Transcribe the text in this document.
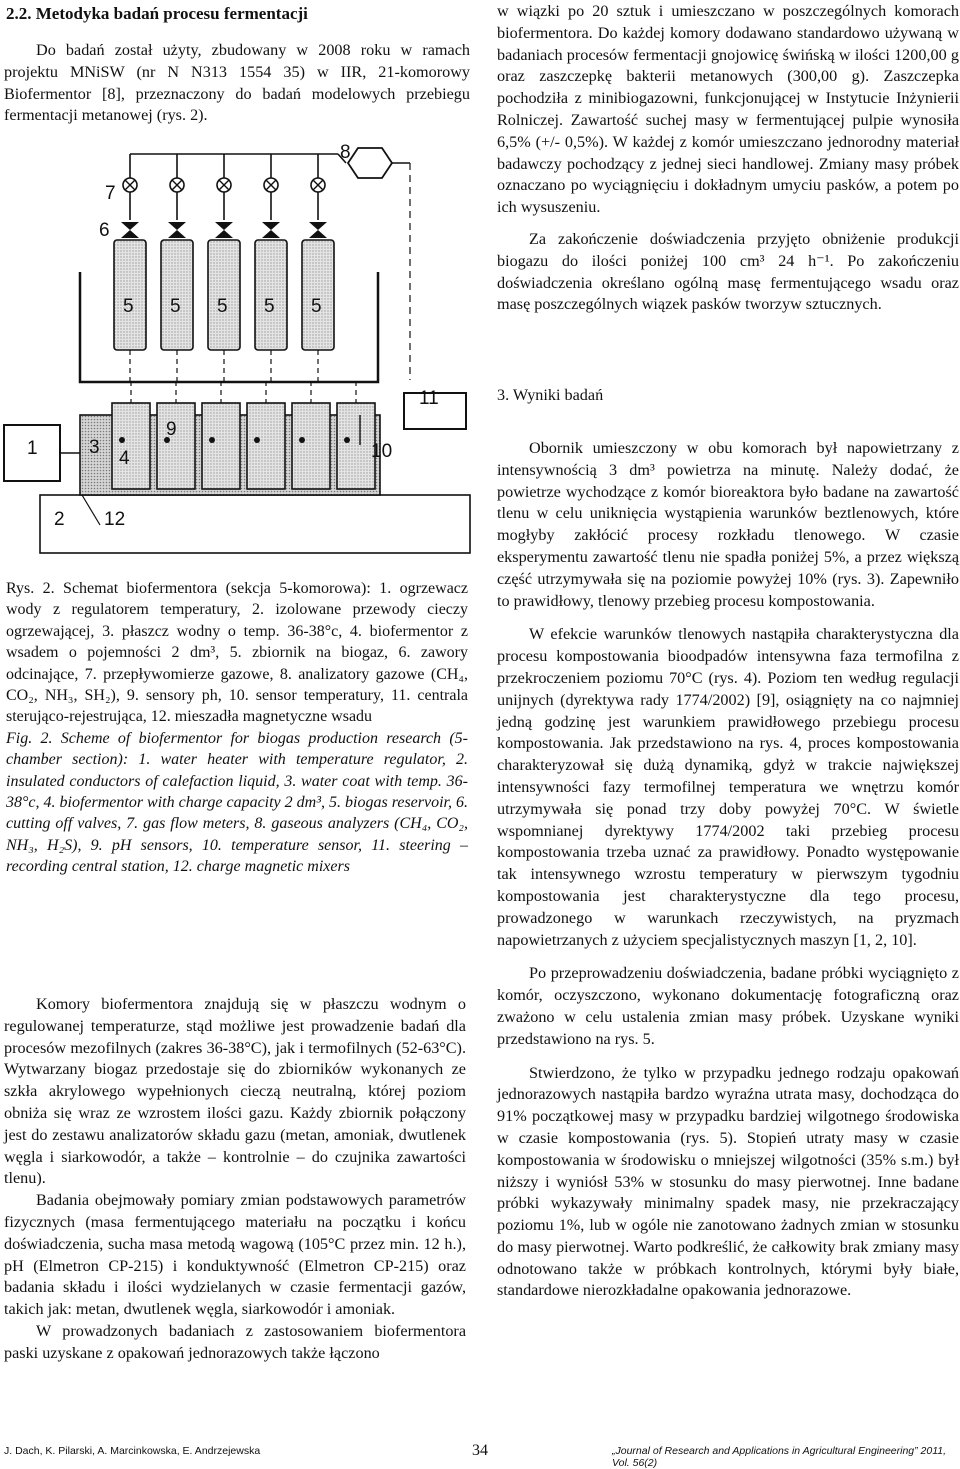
2.2. Metodyka badań procesu fermentacji

Do badań został użyty, zbudowany w 2008 roku w ramach projektu MNiSW (nr N N313 1554 35) w IIR, 21-komorowy Biofermentor [8], przeznaczony do badań modelowych przebiegu fermentacji metanowej (rys. 2).

7
6
8
5 5 5 5 5
11
1	3
4
9
10
2 12
Rys. 2. Schemat biofermentora (sekcja 5-komorowa): 1. ogrzewacz wody z regulatorem temperatury, 2. izolowane przewody cieczy ogrzewającej, 3. płaszcz wodny o temp. 36-38°c, 4. biofermentor z wsadem o pojemności 2 dm³, 5. zbiornik na biogaz, 6. zawory odcinające, 7. przepływomierze gazowe, 8. analizatory gazowe (CH₄, CO₂, NH₃, SH₂), 9. sensory ph, 10. sensor temperatury, 11. centrala sterująco-rejestrująca, 12. mieszadła magnetyczne wsadu
Fig. 2. Scheme of biofermentor for biogas production research (5-chamber section): 1. water heater with temperature regulator, 2. insulated conductors of calefaction liquid, 3. water coat with temp. 36-38°c, 4. biofermentor with charge capacity 2 dm³, 5. biogas reservoir, 6. cutting off valves, 7. gas flow meters, 8. gaseous analyzers (CH₄, CO₂, NH₃, H₂S), 9. pH sensors, 10. temperature sensor, 11. steering – recording central station, 12. charge magnetic mixers

Komory biofermentora znajdują się w płaszczu wodnym o regulowanej temperaturze, stąd możliwe jest prowadzenie badań dla procesów mezofilnych (zakres 36-38°C), jak i termofilnych (52-63°C). Wytwarzany biogaz przedostaje się do zbiorników wykonanych ze szkła akrylowego wypełnionych cieczą neutralną, której poziom obniża się wraz ze wzrostem ilości gazu. Każdy zbiornik połączony jest do zestawu analizatorów składu gazu (metan, amoniak, dwutlenek węgla i siarkowodór, a także – kontrolnie – do czujnika zawartości tlenu).

Badania obejmowały pomiary zmian podstawowych parametrów fizycznych (masa fermentującego materiału na początku i końcu doświadczenia, sucha masa metodą wagową (105°C przez min. 12 h.), pH (Elmetron CP-215) i konduktywność (Elmetron CP-215) oraz badania składu i ilości wydzielanych w czasie fermentacji gazów, takich jak: metan, dwutlenek węgla, siarkowodór i amoniak.

W prowadzonych badaniach z zastosowaniem biofermentora paski uzyskane z opakowań jednorazowych także łączono

w wiązki po 20 sztuk i umieszczano w poszczególnych komorach biofermentora. Do każdej komory dodawano standardowo używaną w badaniach procesów fermentacji gnojowicę świńską w ilości 1200,00 g oraz zaszczepkę bakterii metanowych (300,00 g). Zaszczepka pochodziła z minibiogazowni, funkcjonującej w Instytucie Inżynierii Rolniczej. Zawartość suchej masy w fermentującej pulpie wynosiła 6,5% (+/- 0,5%). W każdej z komór umieszczano jednorodny materiał badawczy pochodzący z jednej sieci handlowej. Zmiany masy próbek oznaczano po wyciągnięciu i dokładnym umyciu pasków, a potem po ich wysuszeniu.

Za zakończenie doświadczenia przyjęto obniżenie produkcji biogazu do ilości poniżej 100 cm³ 24 h⁻¹. Po zakończeniu doświadczenia określano ogólną masę fermentującego wsadu oraz masę poszczególnych wiązek pasków tworzyw sztucznych.

3. Wyniki badań

Obornik umieszczony w obu komorach był napowietrzany z intensywnością 3 dm³ powietrza na minutę. Należy dodać, że powietrze wychodzące z komór bioreaktora było badane na zawartość tlenu w celu uniknięcia wystąpienia warunków beztlenowych, które mogłyby zakłócić procesy rozkładu tlenowego. W czasie eksperymentu zawartość tlenu nie spadła poniżej 5%, a przez większą część utrzymywała się na poziomie powyżej 10% (rys. 3). Zapewniło to prawidłowy, tlenowy przebieg procesu kompostowania.

W efekcie warunków tlenowych nastąpiła charakterystyczna dla procesu kompostowania bioodpadów intensywna faza termofilna z przekroczeniem poziomu 70°C (rys. 4). Poziom ten według regulacji unijnych (dyrektywa rady 1774/2002) [9], osiągnięty na co najmniej jedną godzinę jest warunkiem prawidłowego przebiegu procesu kompostowania. Jak przedstawiono na rys. 4, proces kompostowania charakteryzował się dużą dynamiką, gdyż w trakcie największej intensywności fazy termofilnej temperatura we wnętrzu komór utrzymywała się ponad trzy doby powyżej 70°C. W świetle wspomnianej dyrektywy 1774/2002 taki przebieg procesu kompostowania trzeba uznać za prawidłowy. Ponadto występowanie tak intensywnego wzrostu temperatury w pierwszym tygodniu kompostowania jest charakterystyczne dla tego procesu, prowadzonego w warunkach rzeczywistych, na pryzmach napowietrzanych z użyciem specjalistycznych maszyn [1, 2, 10].

Po przeprowadzeniu doświadczenia, badane próbki wyciągnięto z komór, oczyszczono, wykonano dokumentację fotograficzną oraz zważono w celu ustalenia zmian masy próbek. Uzyskane wyniki przedstawiono na rys. 5.

Stwierdzono, że tylko w przypadku jednego rodzaju opakowań jednorazowych nastąpiła bardzo wyraźna utrata masy, dochodząca do 91% początkowej masy w przypadku bardziej wilgotnego środowiska w czasie kompostowania (rys. 5). Stopień utraty masy w czasie kompostowania w środowisku o mniejszej wilgotności (35% s.m.) był niższy i wyniósł 53% w stosunku do masy pierwotnej. Inne badane próbki wykazywały minimalny spadek masy, nie przekraczający poziomu 1%, lub w ogóle nie zanotowano żadnych zmian w stosunku do masy pierwotnej. Warto podkreślić, że całkowity brak zmiany masy odnotowano także w próbkach kontrolnych, którymi były białe, standardowe nierozkładalne opakowania jednorazowe.

J. Dach, K. Pilarski, A. Marcinkowska, E. Andrzejewska	34	„Journal of Research and Applications in Agricultural Engineering” 2011, Vol. 56(2)
